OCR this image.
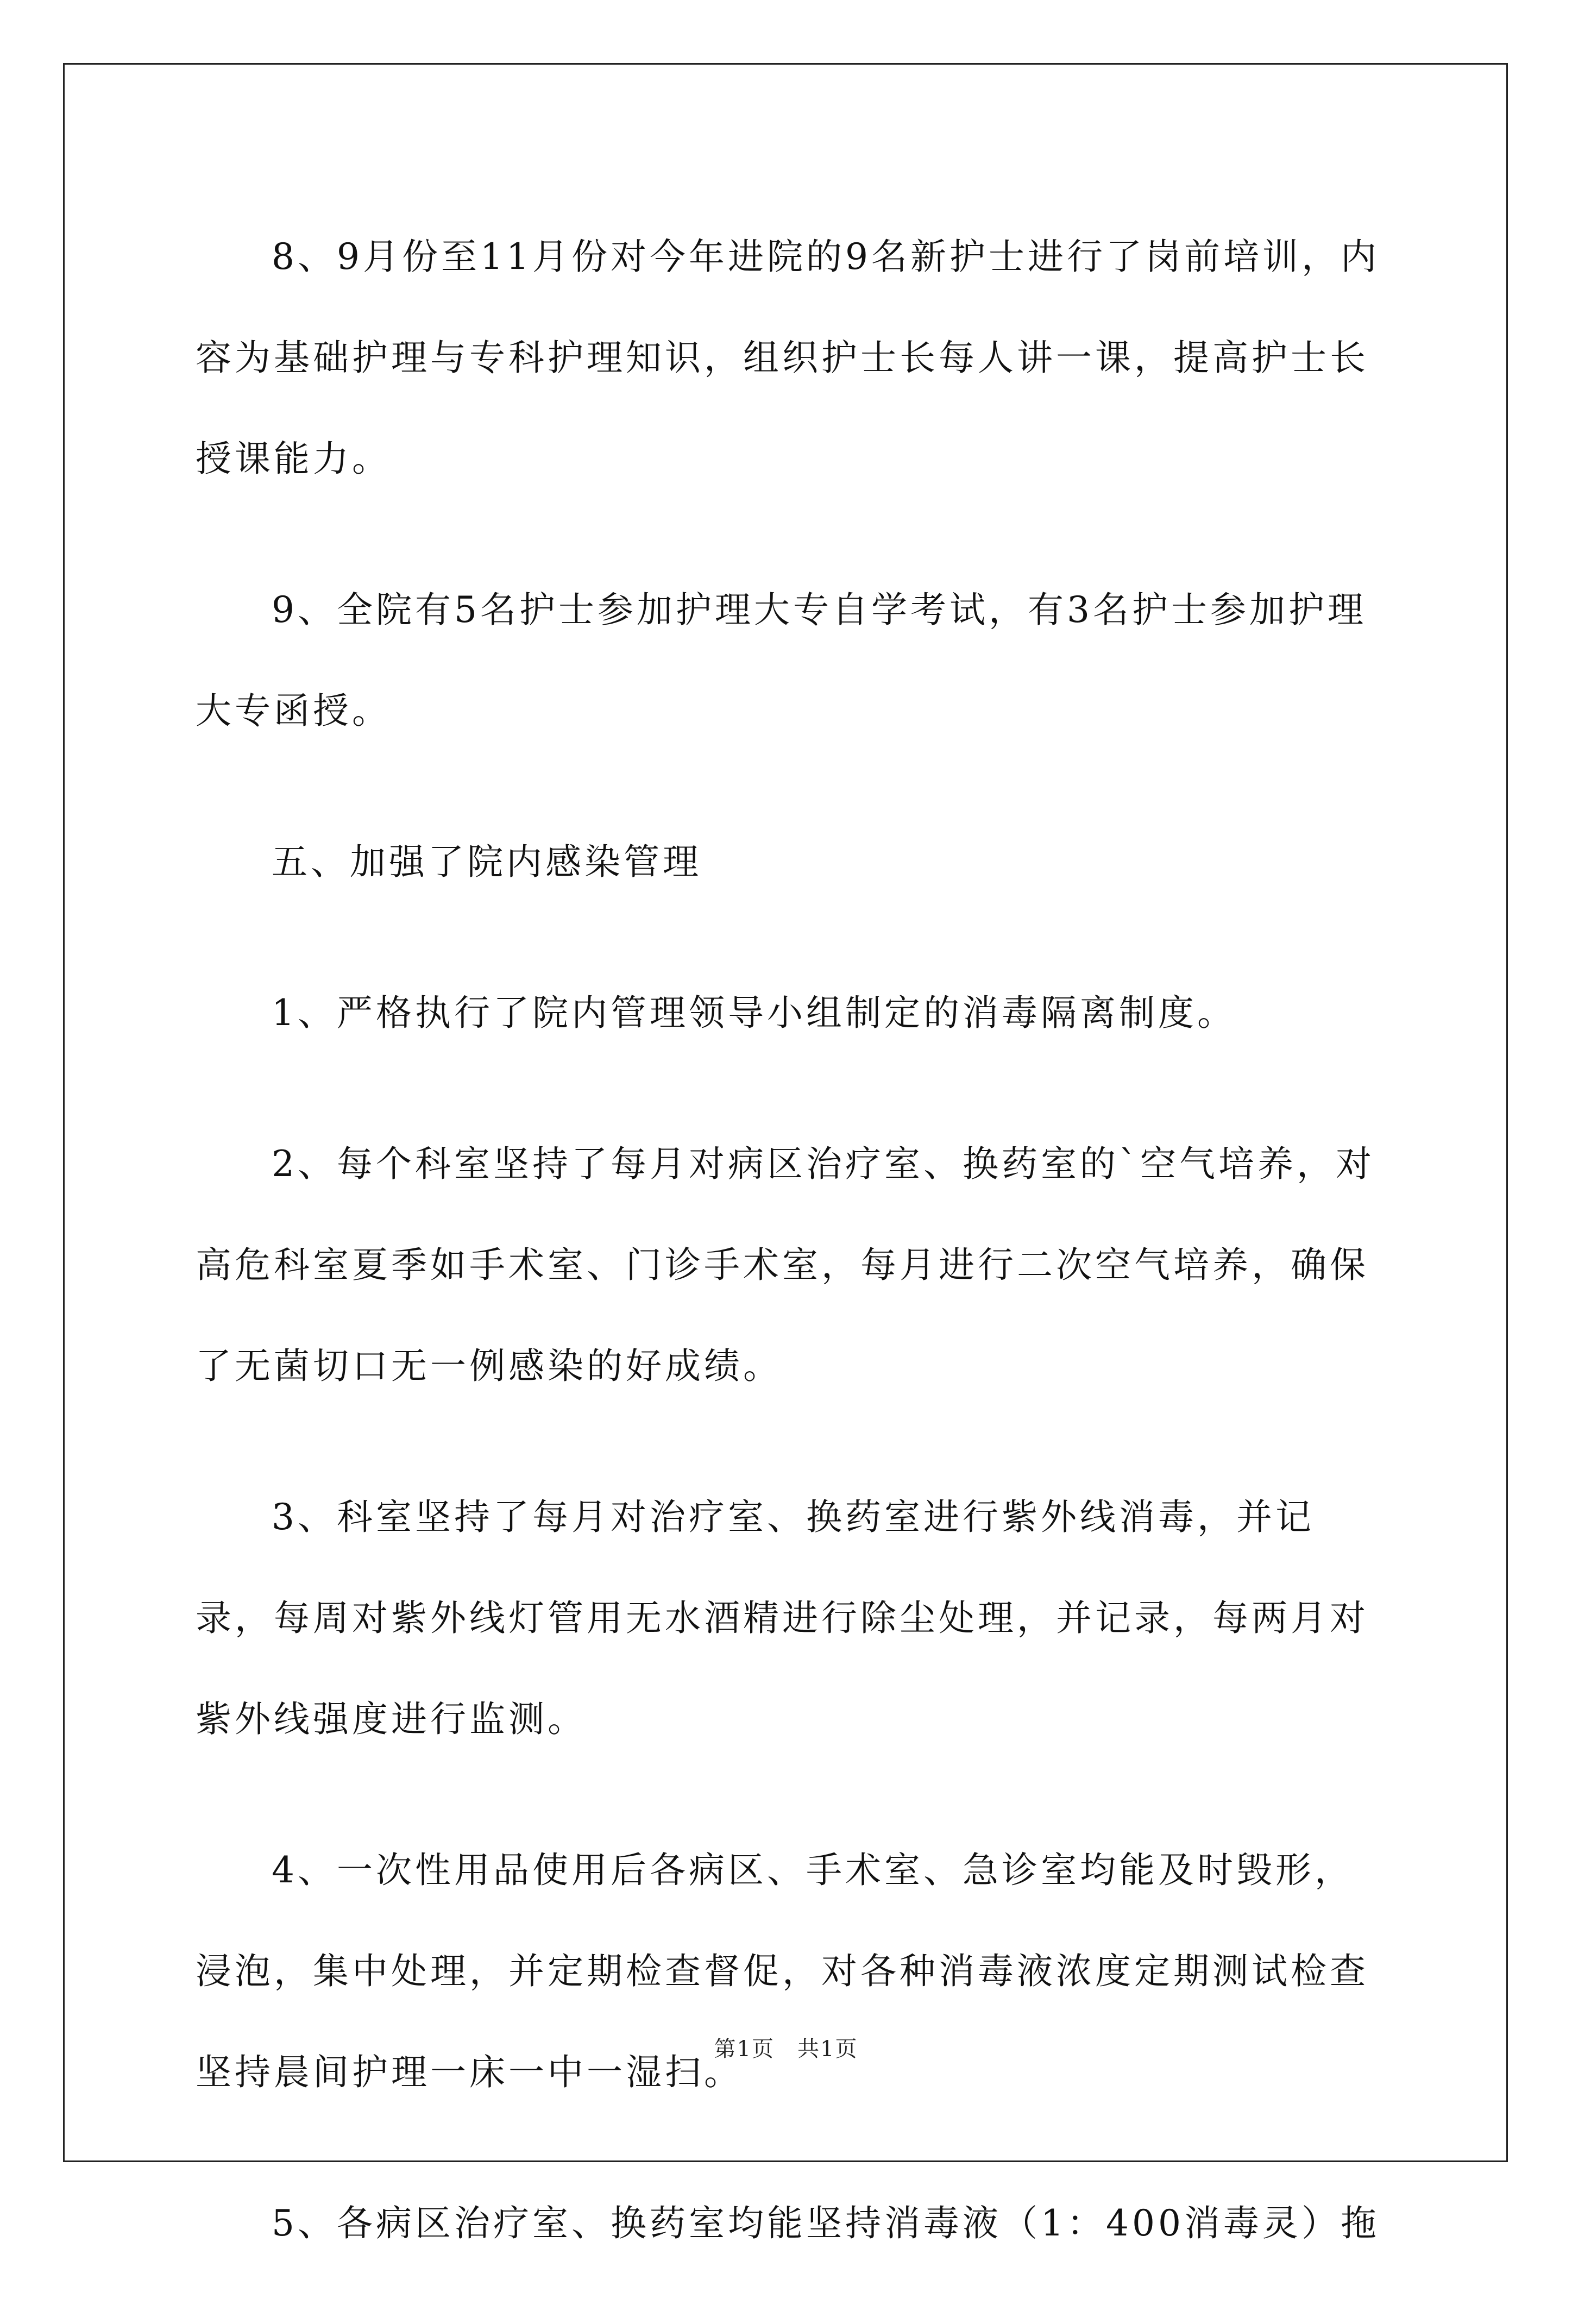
8、9月份至11月份对今年进院的9名新护士进行了岗前培训，内容为基础护理与专科护理知识，组织护士长每人讲一课，提高护士长授课能力。

9、全院有5名护士参加护理大专自学考试，有3名护士参加护理大专函授。

五、加强了院内感染管理

1、严格执行了院内管理领导小组制定的消毒隔离制度。

2、每个科室坚持了每月对病区治疗室、换药室的`空气培养，对高危科室夏季如手术室、门诊手术室，每月进行二次空气培养，确保了无菌切口无一例感染的好成绩。

3、科室坚持了每月对治疗室、换药室进行紫外线消毒，并记录，每周对紫外线灯管用无水酒精进行除尘处理，并记录，每两月对紫外线强度进行监测。

4、一次性用品使用后各病区、手术室、急诊室均能及时毁形，浸泡，集中处理，并定期检查督促，对各种消毒液浓度定期测试检查坚持晨间护理一床一中一湿扫。

5、各病区治疗室、换药室均能坚持消毒液（1：400消毒灵）拖

第1页　共1页
